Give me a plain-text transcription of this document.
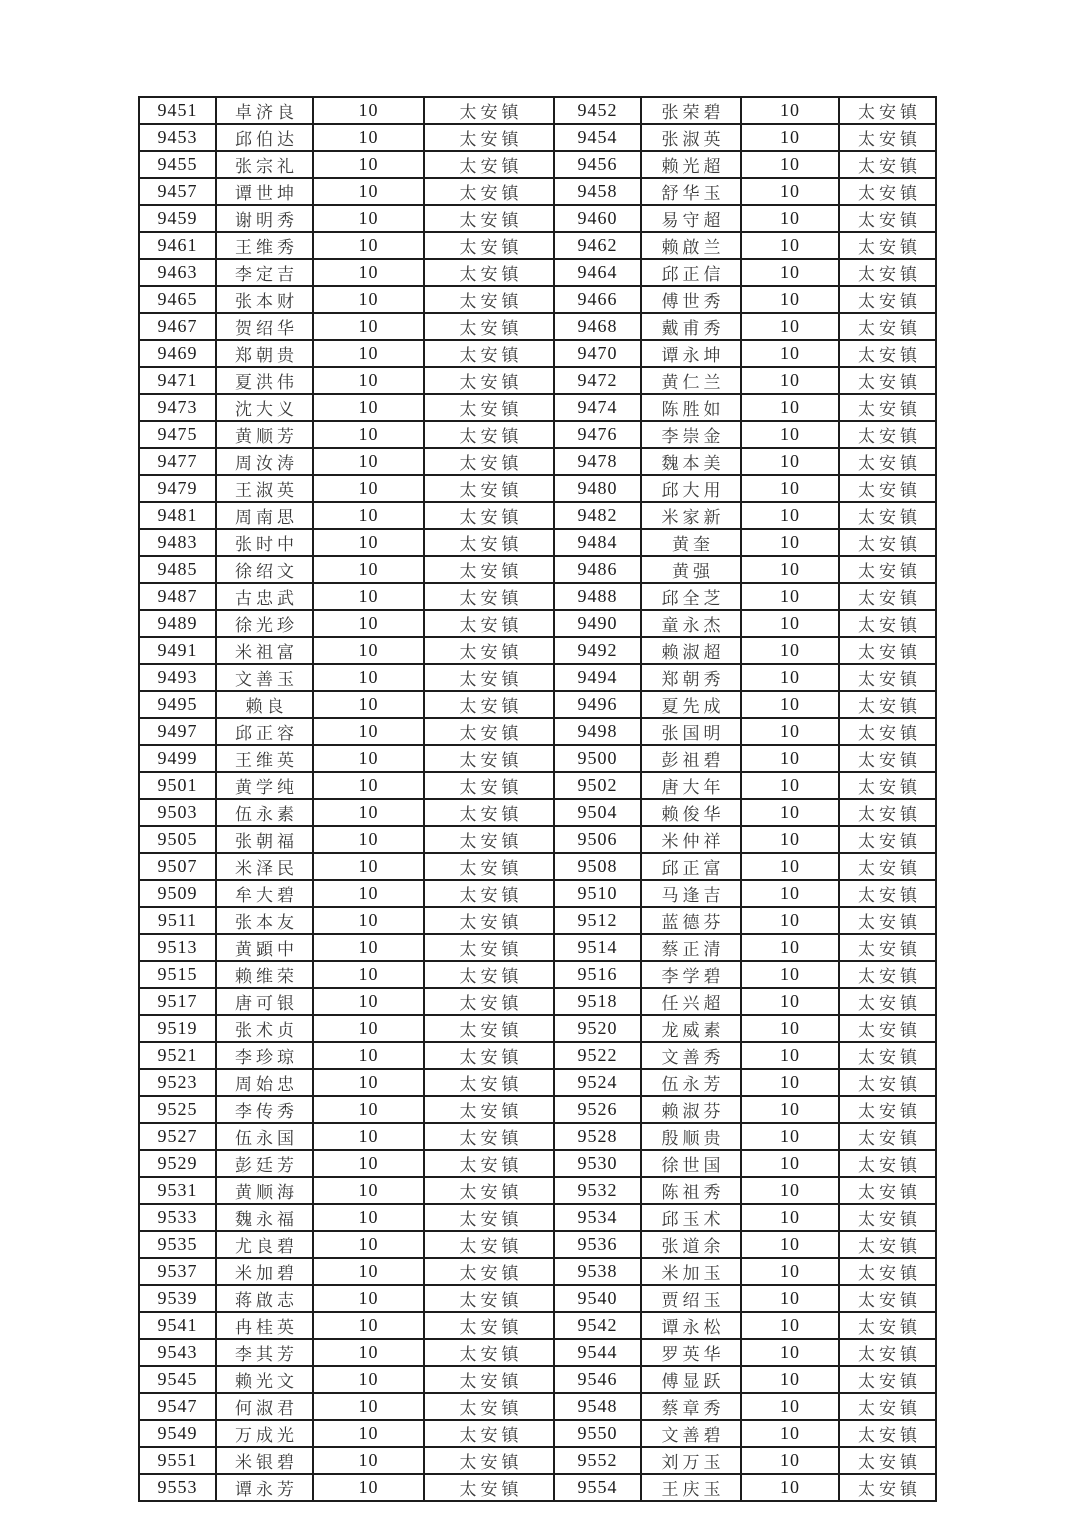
9451	卓济良	10	太安镇	9452	张荣碧	10	太安镇
9453	邱伯达	10	太安镇	9454	张淑英	10	太安镇
9455	张宗礼	10	太安镇	9456	赖光超	10	太安镇
9457	谭世坤	10	太安镇	9458	舒华玉	10	太安镇
9459	谢明秀	10	太安镇	9460	易守超	10	太安镇
9461	王维秀	10	太安镇	9462	赖啟兰	10	太安镇
9463	李定吉	10	太安镇	9464	邱正信	10	太安镇
9465	张本财	10	太安镇	9466	傅世秀	10	太安镇
9467	贺绍华	10	太安镇	9468	戴甫秀	10	太安镇
9469	郑朝贵	10	太安镇	9470	谭永坤	10	太安镇
9471	夏洪伟	10	太安镇	9472	黄仁兰	10	太安镇
9473	沈大义	10	太安镇	9474	陈胜如	10	太安镇
9475	黄顺芳	10	太安镇	9476	李崇金	10	太安镇
9477	周汝涛	10	太安镇	9478	魏本美	10	太安镇
9479	王淑英	10	太安镇	9480	邱大用	10	太安镇
9481	周南思	10	太安镇	9482	米家新	10	太安镇
9483	张时中	10	太安镇	9484	黄奎	10	太安镇
9485	徐绍文	10	太安镇	9486	黄强	10	太安镇
9487	古忠武	10	太安镇	9488	邱全芝	10	太安镇
9489	徐光珍	10	太安镇	9490	童永杰	10	太安镇
9491	米祖富	10	太安镇	9492	赖淑超	10	太安镇
9493	文善玉	10	太安镇	9494	郑朝秀	10	太安镇
9495	赖良	10	太安镇	9496	夏先成	10	太安镇
9497	邱正容	10	太安镇	9498	张国明	10	太安镇
9499	王维英	10	太安镇	9500	彭祖碧	10	太安镇
9501	黄学纯	10	太安镇	9502	唐大年	10	太安镇
9503	伍永素	10	太安镇	9504	赖俊华	10	太安镇
9505	张朝福	10	太安镇	9506	米仲祥	10	太安镇
9507	米泽民	10	太安镇	9508	邱正富	10	太安镇
9509	牟大碧	10	太安镇	9510	马逢吉	10	太安镇
9511	张本友	10	太安镇	9512	蓝德芬	10	太安镇
9513	黄顕中	10	太安镇	9514	蔡正清	10	太安镇
9515	赖维荣	10	太安镇	9516	李学碧	10	太安镇
9517	唐可银	10	太安镇	9518	任兴超	10	太安镇
9519	张术贞	10	太安镇	9520	龙威素	10	太安镇
9521	李珍琼	10	太安镇	9522	文善秀	10	太安镇
9523	周始忠	10	太安镇	9524	伍永芳	10	太安镇
9525	李传秀	10	太安镇	9526	赖淑芬	10	太安镇
9527	伍永国	10	太安镇	9528	殷顺贵	10	太安镇
9529	彭廷芳	10	太安镇	9530	徐世国	10	太安镇
9531	黄顺海	10	太安镇	9532	陈祖秀	10	太安镇
9533	魏永福	10	太安镇	9534	邱玉术	10	太安镇
9535	尤良碧	10	太安镇	9536	张道余	10	太安镇
9537	米加碧	10	太安镇	9538	米加玉	10	太安镇
9539	蒋啟志	10	太安镇	9540	贾绍玉	10	太安镇
9541	冉桂英	10	太安镇	9542	谭永松	10	太安镇
9543	李其芳	10	太安镇	9544	罗英华	10	太安镇
9545	赖光文	10	太安镇	9546	傅显跃	10	太安镇
9547	何淑君	10	太安镇	9548	蔡章秀	10	太安镇
9549	万成光	10	太安镇	9550	文善碧	10	太安镇
9551	米银碧	10	太安镇	9552	刘万玉	10	太安镇
9553	谭永芳	10	太安镇	9554	王庆玉	10	太安镇
